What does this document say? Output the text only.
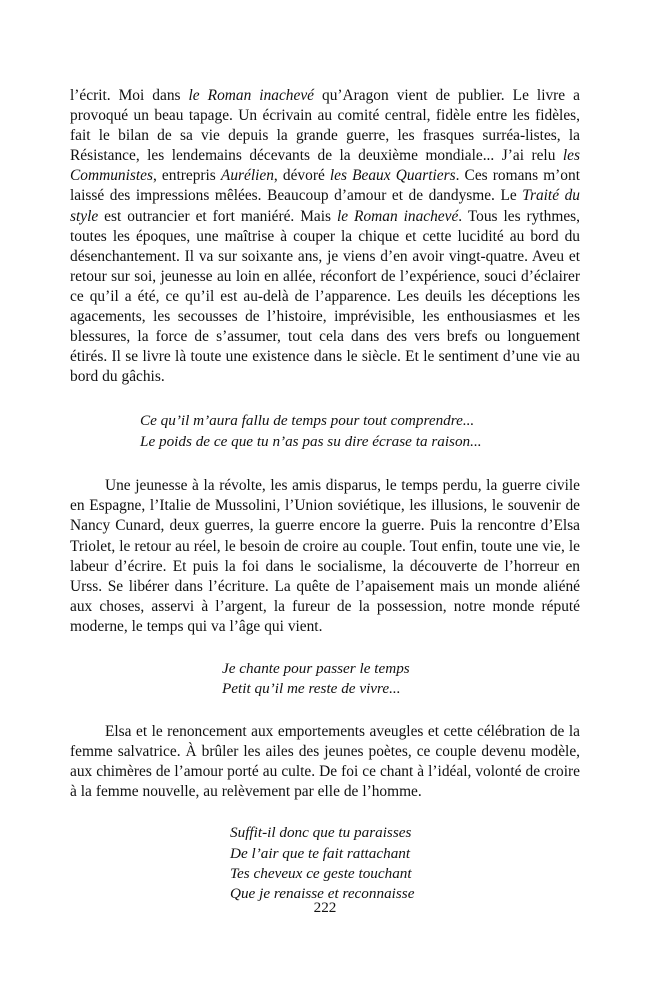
l’écrit. Moi dans le Roman inachevé qu’Aragon vient de publier. Le livre a provoqué un beau tapage. Un écrivain au comité central, fidèle entre les fidèles, fait le bilan de sa vie depuis la grande guerre, les frasques surréa-listes, la Résistance, les lendemains décevants de la deuxième mondiale... J’ai relu les Communistes, entrepris Aurélien, dévoré les Beaux Quartiers. Ces romans m’ont laissé des impressions mêlées. Beaucoup d’amour et de dandysme. Le Traité du style est outrancier et fort maniéré. Mais le Roman inachevé. Tous les rythmes, toutes les époques, une maîtrise à couper la chique et cette lucidité au bord du désenchantement. Il va sur soixante ans, je viens d’en avoir vingt-quatre. Aveu et retour sur soi, jeunesse au loin en allée, réconfort de l’expérience, souci d’éclairer ce qu’il a été, ce qu’il est au-delà de l’apparence. Les deuils les déceptions les agacements, les secousses de l’histoire, imprévisible, les enthousiasmes et les blessures, la force de s’assumer, tout cela dans des vers brefs ou longuement étirés. Il se livre là toute une existence dans le siècle. Et le sentiment d’une vie au bord du gâchis.

Ce qu’il m’aura fallu de temps pour tout comprendre...
Le poids de ce que tu n’as pas su dire écrase ta raison...

Une jeunesse à la révolte, les amis disparus, le temps perdu, la guerre civile en Espagne, l’Italie de Mussolini, l’Union soviétique, les illusions, le souvenir de Nancy Cunard, deux guerres, la guerre encore la guerre. Puis la rencontre d’Elsa Triolet, le retour au réel, le besoin de croire au couple. Tout enfin, toute une vie, le labeur d’écrire. Et puis la foi dans le socialisme, la découverte de l’horreur en Urss. Se libérer dans l’écriture. La quête de l’apaisement mais un monde aliéné aux choses, asservi à l’argent, la fureur de la possession, notre monde réputé moderne, le temps qui va l’âge qui vient.

Je chante pour passer le temps
Petit qu’il me reste de vivre...

Elsa et le renoncement aux emportements aveugles et cette célébration de la femme salvatrice. À brûler les ailes des jeunes poètes, ce couple devenu modèle, aux chimères de l’amour porté au culte. De foi ce chant à l’idéal, volonté de croire à la femme nouvelle, au relèvement par elle de l’homme.

Suffit-il donc que tu paraisses
De l’air que te fait rattachant
Tes cheveux ce geste touchant
Que je renaisse et reconnaisse
222
